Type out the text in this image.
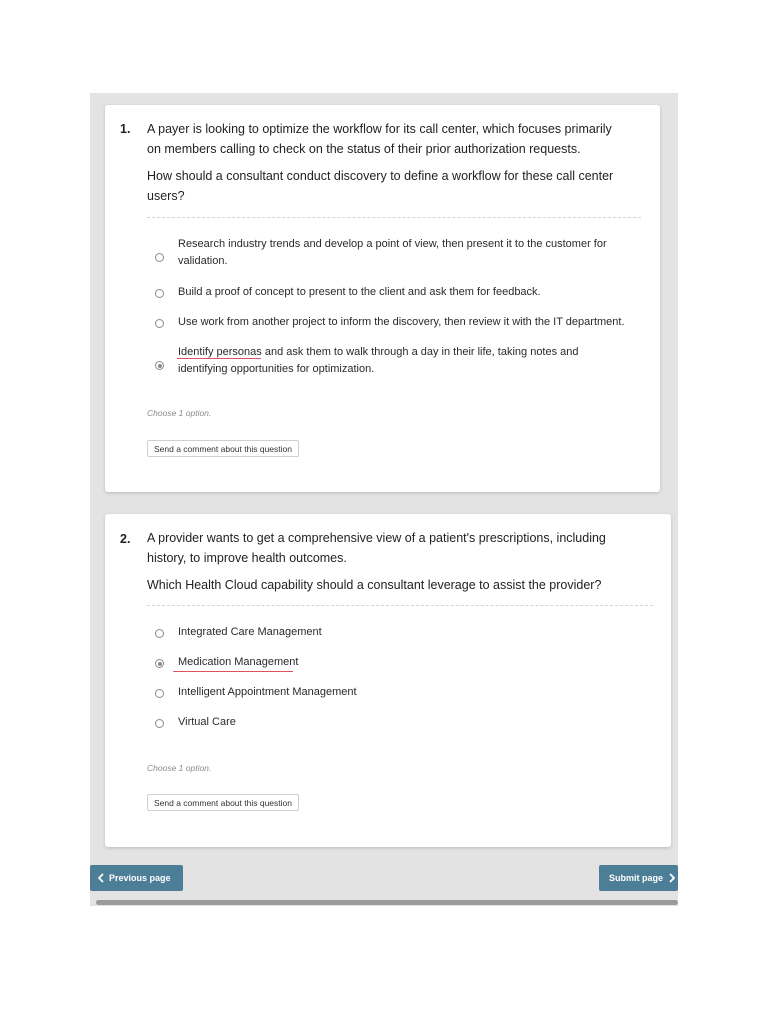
1. A payer is looking to optimize the workflow for its call center, which focuses primarily
on members calling to check on the status of their prior authorization requests.
How should a consultant conduct discovery to define a workflow for these call center
users?
Research industry trends and develop a point of view, then present it to the customer for
validation.
Build a proof of concept to present to the client and ask them for feedback.
Use work from another project to inform the discovery, then review it with the IT department.
Identify personas and ask them to walk through a day in their life, taking notes and
identifying opportunities for optimization.
Choose 1 option.
Send a comment about this question
2. A provider wants to get a comprehensive view of a patient's prescriptions, including
history, to improve health outcomes.
Which Health Cloud capability should a consultant leverage to assist the provider?
Integrated Care Management
Medication Management
Intelligent Appointment Management
Virtual Care
Choose 1 option.
Send a comment about this question
Previous page	Submit page
